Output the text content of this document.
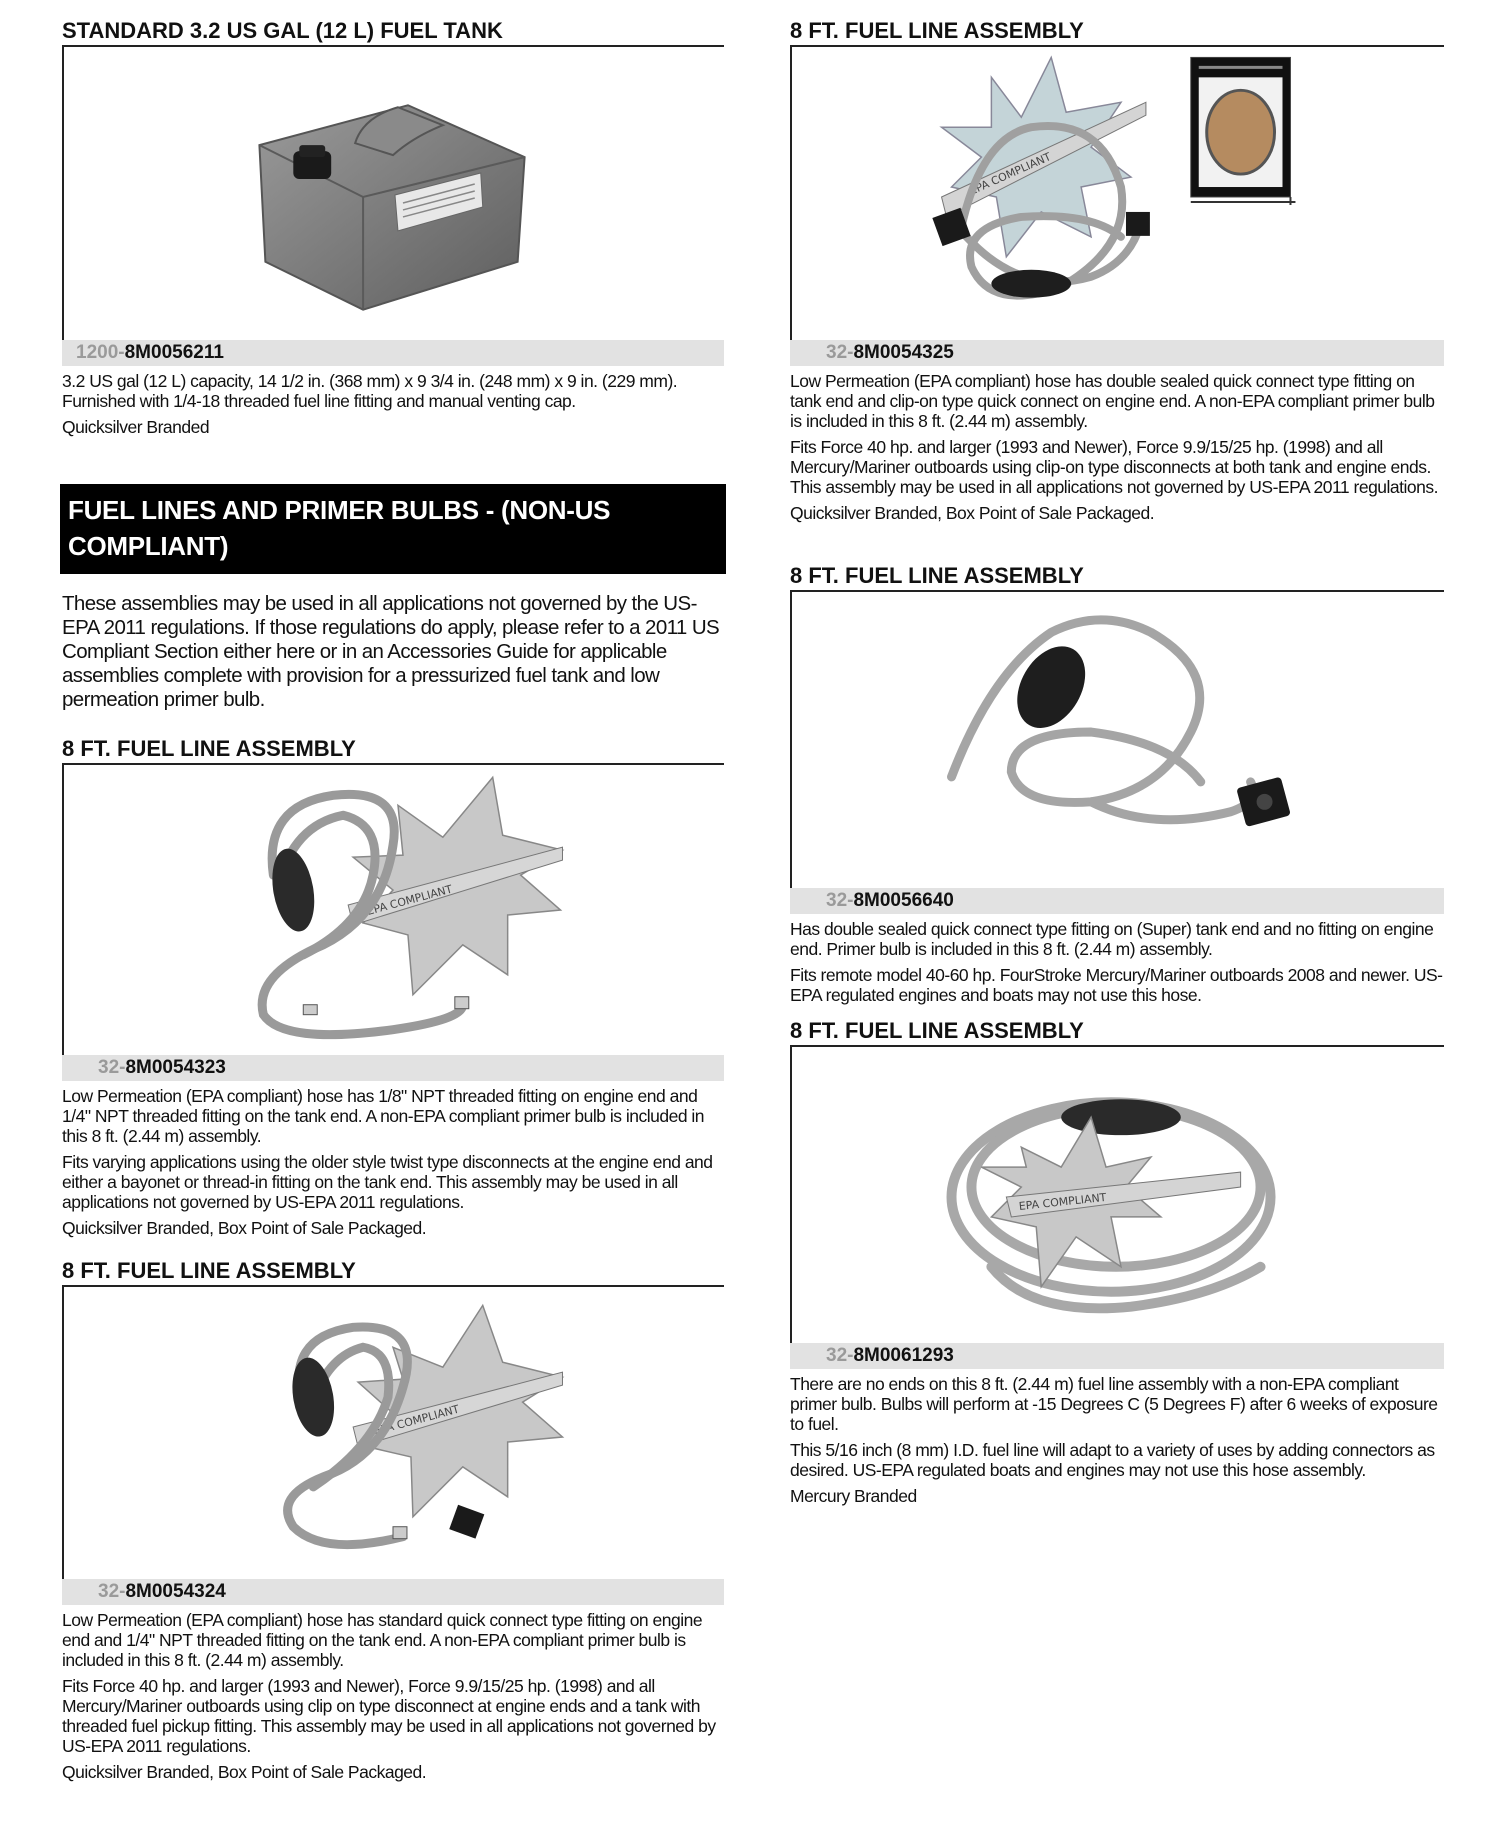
STANDARD 3.2 US GAL (12 L) FUEL TANK
1200-8M0056211

3.2 US gal (12 L) capacity, 14 1/2 in. (368 mm) x 9 3/4 in. (248 mm) x 9 in. (229 mm).
Furnished with 1/4-18 threaded fuel line fitting and manual venting cap.

Quicksilver Branded

FUEL LINES AND PRIMER BULBS - (NON-US COMPLIANT)
These assemblies may be used in all applications not governed by the US-EPA 2011 regulations. If those regulations do apply, please refer to a 2011 US Compliant Section either here or in an Accessories Guide for applicable assemblies complete with provision for a pressurized fuel tank and low permeation primer bulb.
8 FT. FUEL LINE ASSEMBLY
EPA COMPLIANT
32-8M0054323

Low Permeation (EPA compliant) hose has 1/8" NPT threaded fitting on engine end and 1/4" NPT threaded fitting on the tank end. A non-EPA compliant primer bulb is included in this 8 ft. (2.44 m) assembly.

Fits varying applications using the older style twist type disconnects at the engine end and either a bayonet or thread-in fitting on the tank end. This assembly may be used in all applications not governed by US-EPA 2011 regulations.

Quicksilver Branded, Box Point of Sale Packaged.

8 FT. FUEL LINE ASSEMBLY
EPA COMPLIANT
32-8M0054324

Low Permeation (EPA compliant) hose has standard quick connect type fitting on engine end and 1/4" NPT threaded fitting on the tank end. A non-EPA compliant primer bulb is included in this 8 ft. (2.44 m) assembly.

Fits Force 40 hp. and larger (1993 and Newer), Force 9.9/15/25 hp. (1998) and all Mercury/Mariner outboards using clip on type disconnect at engine ends and a tank with threaded fuel pickup fitting. This assembly may be used in all applications not governed by US-EPA 2011 regulations.

Quicksilver Branded, Box Point of Sale Packaged.

8 FT. FUEL LINE ASSEMBLY
EPA COMPLIANT
32-8M0054325

Low Permeation (EPA compliant) hose has double sealed quick connect type fitting on tank end and clip-on type quick connect on engine end. A non-EPA compliant primer bulb is included in this 8 ft. (2.44 m) assembly.

Fits Force 40 hp. and larger (1993 and Newer), Force 9.9/15/25 hp. (1998) and all Mercury/Mariner outboards using clip-on type disconnects at both tank and engine ends. This assembly may be used in all applications not governed by US-EPA 2011 regulations.

Quicksilver Branded, Box Point of Sale Packaged.

8 FT. FUEL LINE ASSEMBLY
32-8M0056640

Has double sealed quick connect type fitting on (Super) tank end and no fitting on engine end. Primer bulb is included in this 8 ft. (2.44 m) assembly.

Fits remote model 40-60 hp. FourStroke Mercury/Mariner outboards 2008 and newer. US-EPA regulated engines and boats may not use this hose.

8 FT. FUEL LINE ASSEMBLY
EPA COMPLIANT
32-8M0061293

There are no ends on this 8 ft. (2.44 m) fuel line assembly with a non-EPA compliant primer bulb. Bulbs will perform at -15 Degrees C (5 Degrees F) after 6 weeks of exposure to fuel.

This 5/16 inch (8 mm) I.D. fuel line will adapt to a variety of uses by adding connectors as desired. US-EPA regulated boats and engines may not use this hose assembly.

Mercury Branded
